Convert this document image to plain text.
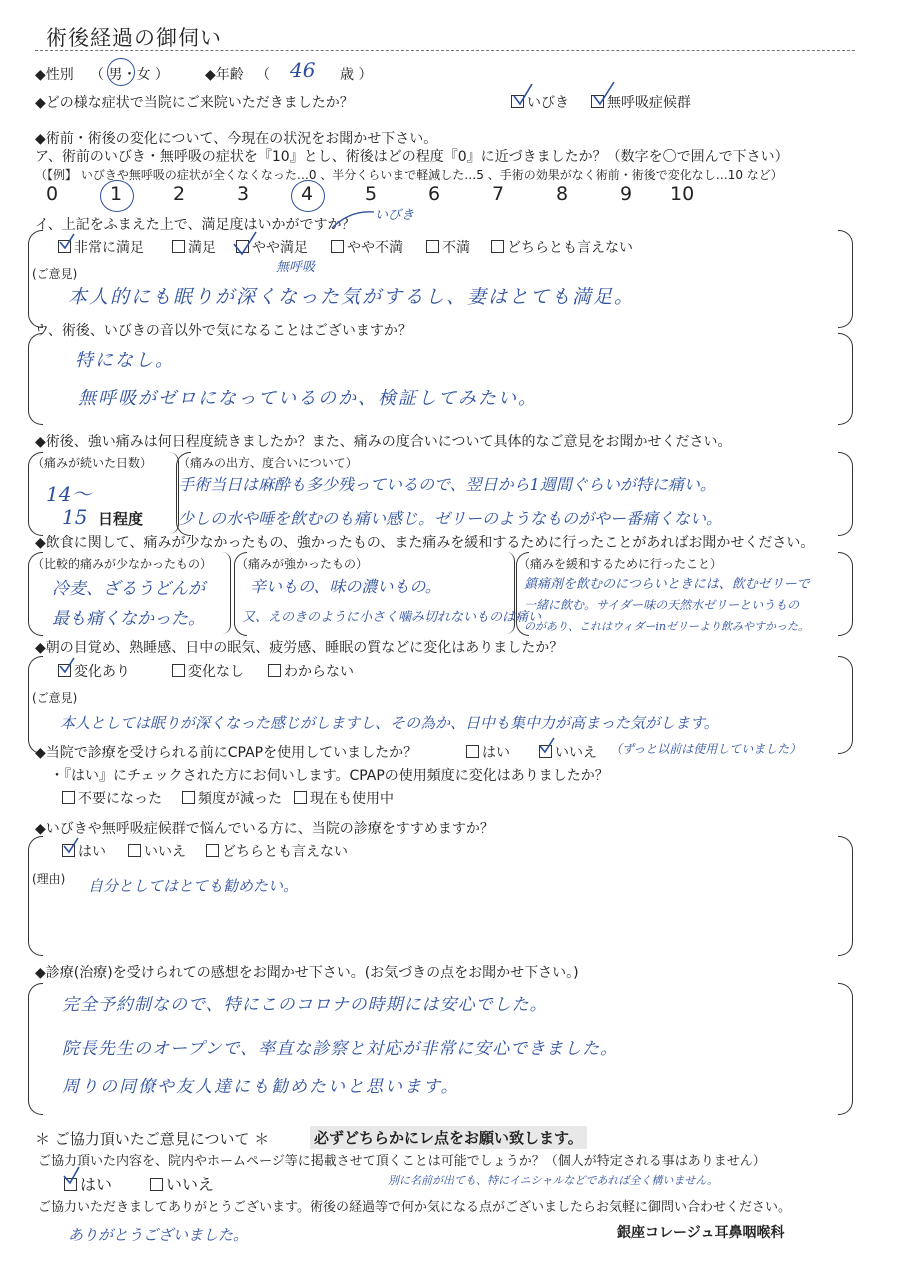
術後経過の御伺い
◆性別 （ 男・女 ）	◆年齢 （ 46 歳 ）
◆どの様な症状で当院にご来院いただきましたか？	いびき	無呼吸症候群
◆術前・術後の変化について、今現在の状況をお聞かせ下さい。
ア、術前のいびき・無呼吸の症状を『10』とし、術後はどの程度『0』に近づきましたか？（数字を〇で囲んで下さい）
（【例】 いびきや無呼吸の症状が全くなくなった…0 、半分くらいまで軽減した…5 、手術の効果がなく術前・術後で変化なし…10 など）
0	1	2	3	4	5	6	7	8	9 10
イ、上記をふまえた上で、満足度はいかがですか？
いびき
非常に満足	満足	やや満足	やや不満	不満	どちらとも言えない
無呼吸
(ご意見)
本人的にも眠りが深くなった気がするし、妻はとても満足。
ウ、術後、いびきの音以外で気になることはございますか？
特になし。
無呼吸がゼロになっているのか、検証してみたい。
◆術後、強い痛みは何日程度続きましたか？また、痛みの度合いについて具体的なご意見をお聞かせください。
（痛みが続いた日数）
14〜
15 日程度
（痛みの出方、度合いについて）
手術当日は麻酔も多少残っているので、翌日から1週間ぐらいが特に痛い。
少しの水や唾を飲むのも痛い感じ。ゼリーのようなものがやー番痛くない。
◆飲食に関して、痛みが少なかったもの、強かったもの、また痛みを緩和するために行ったことがあればお聞かせください。
（比較的痛みが少なかったもの）
冷麦、ざるうどんが
最も痛くなかった。
（痛みが強かったもの）
辛いもの、味の濃いもの。
又、えのきのように小さく噛み切れないものは痛い
（痛みを緩和するために行ったこと）
鎮痛剤を飲むのにつらいときには、飲むゼリーで
一緒に飲む。サイダー味の天然水ゼリーというもの
のがあり、これはウィダーinゼリーより飲みやすかった。
◆朝の目覚め、熟睡感、日中の眠気、疲労感、睡眠の質などに変化はありましたか？
変化あり	変化なし	わからない
(ご意見)
本人としては眠りが深くなった感じがしますし、その為か、日中も集中力が高まった気がします。
◆当院で診療を受けられる前にCPAPを使用していましたか？	はい	いいえ （ずっと以前は使用していました）
・『はい』にチェックされた方にお伺いします。CPAPの使用頻度に変化はありましたか？
不要になった	頻度が減った	現在も使用中
◆いびきや無呼吸症候群で悩んでいる方に、当院の診療をすすめますか？
はい	いいえ	どちらとも言えない
(理由) 自分としてはとても勧めたい。
◆診療(治療)を受けられての感想をお聞かせ下さい。(お気づきの点をお聞かせ下さい。)
完全予約制なので、特にこのコロナの時期には安心でした。
院長先生のオープンで、率直な診察と対応が非常に安心できました。
周りの同僚や友人達にも勧めたいと思います。
＊ ご協力頂いたご意見について ＊	必ずどちらかにレ点をお願い致します。
ご協力頂いた内容を、院内やホームページ等に掲載させて頂くことは可能でしょうか？（個人が特定される事はありません）
はい	いいえ	別に名前が出ても、特にイニシャルなどであれば全く構いません。
ご協力いただきましてありがとうございます。術後の経過等で何か気になる点がございましたらお気軽に御問い合わせください。
ありがとうございました。	銀座コレージュ耳鼻咽喉科
